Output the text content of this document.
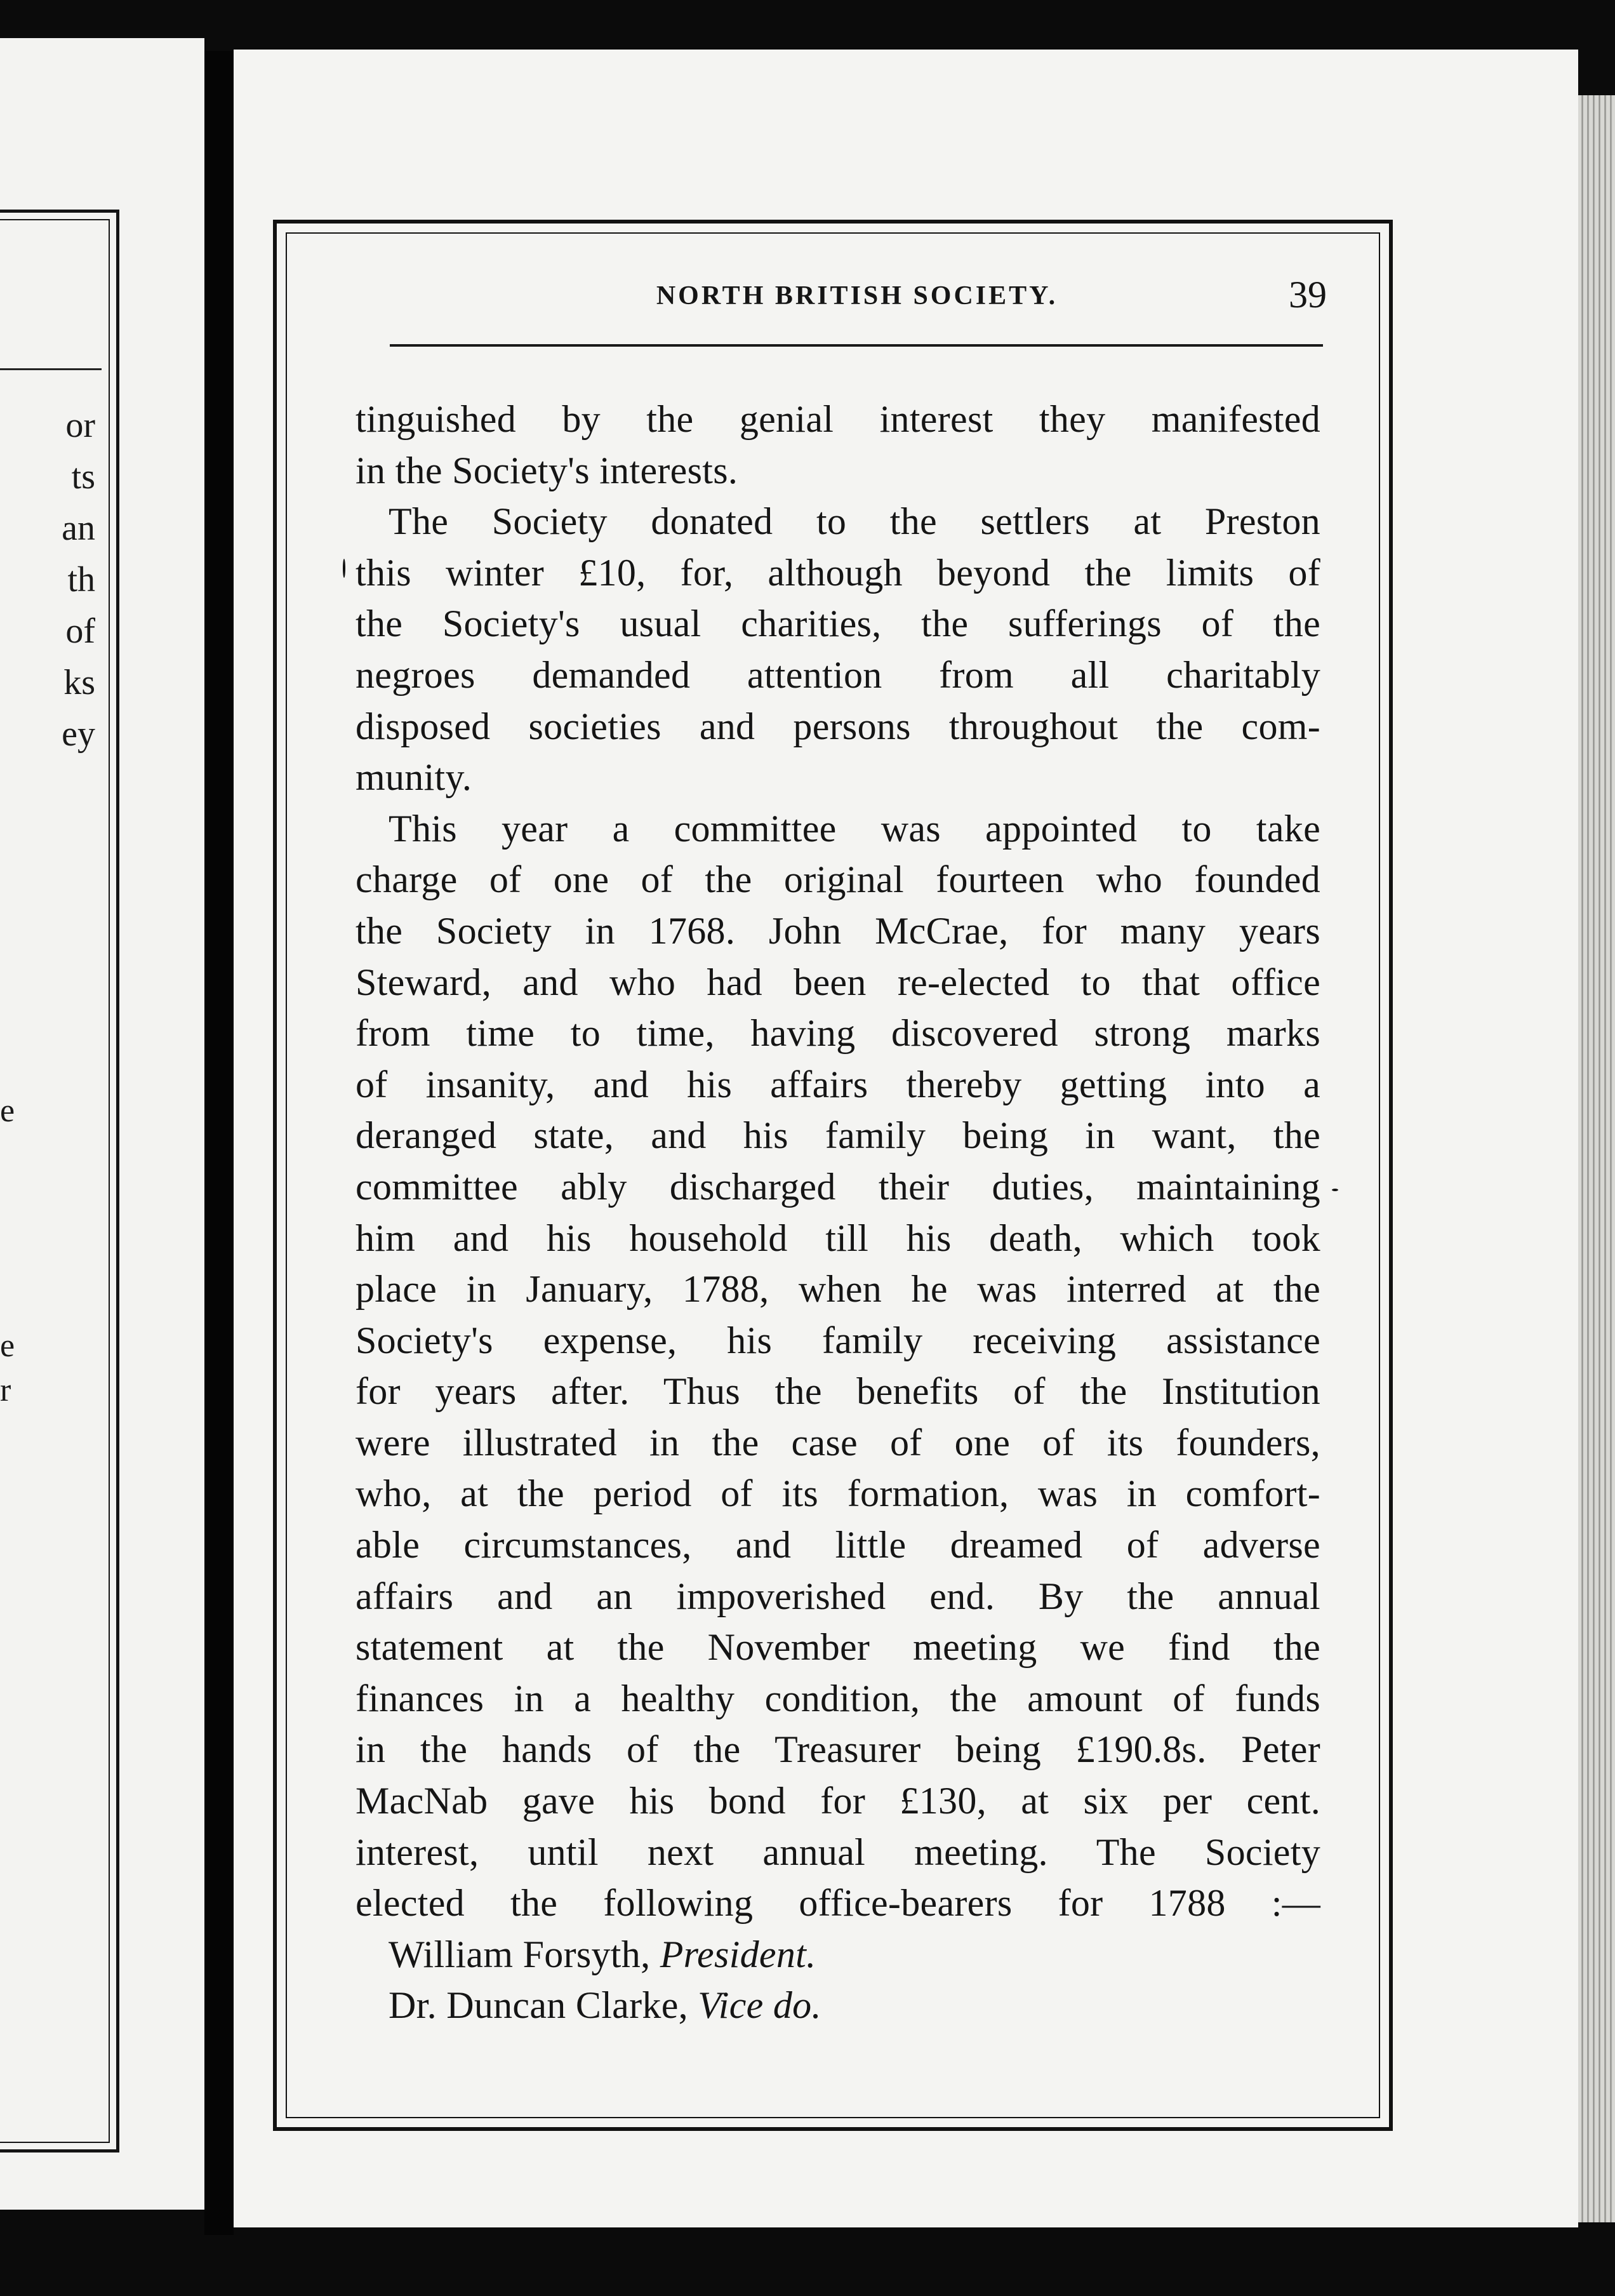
or
ts
an
th
of
ks
ey
e
e
r
NORTH BRITISH SOCIETY.	39
tinguished by the genial interest they manifested
in the Society's interests.
The Society donated to the settlers at Preston
this winter £10, for, although beyond the limits of
the Society's usual charities, the sufferings of the
negroes demanded attention from all charitably
disposed societies and persons throughout the com-
munity.
This year a committee was appointed to take
charge of one of the original fourteen who founded
the Society in 1768. John McCrae, for many years
Steward, and who had been re-elected to that office
from time to time, having discovered strong marks
of insanity, and his affairs thereby getting into a
deranged state, and his family being in want, the
committee ably discharged their duties, maintaining
him and his household till his death, which took
place in January, 1788, when he was interred at the
Society's expense, his family receiving assistance
for years after. Thus the benefits of the Institution
were illustrated in the case of one of its founders,
who, at the period of its formation, was in comfort-
able circumstances, and little dreamed of adverse
affairs and an impoverished end. By the annual
statement at the November meeting we find the
finances in a healthy condition, the amount of funds
in the hands of the Treasurer being £190.8s. Peter
MacNab gave his bond for £130, at six per cent.
interest, until next annual meeting. The Society
elected the following office-bearers for 1788 :—
William Forsyth, President.
Dr. Duncan Clarke, Vice do.
